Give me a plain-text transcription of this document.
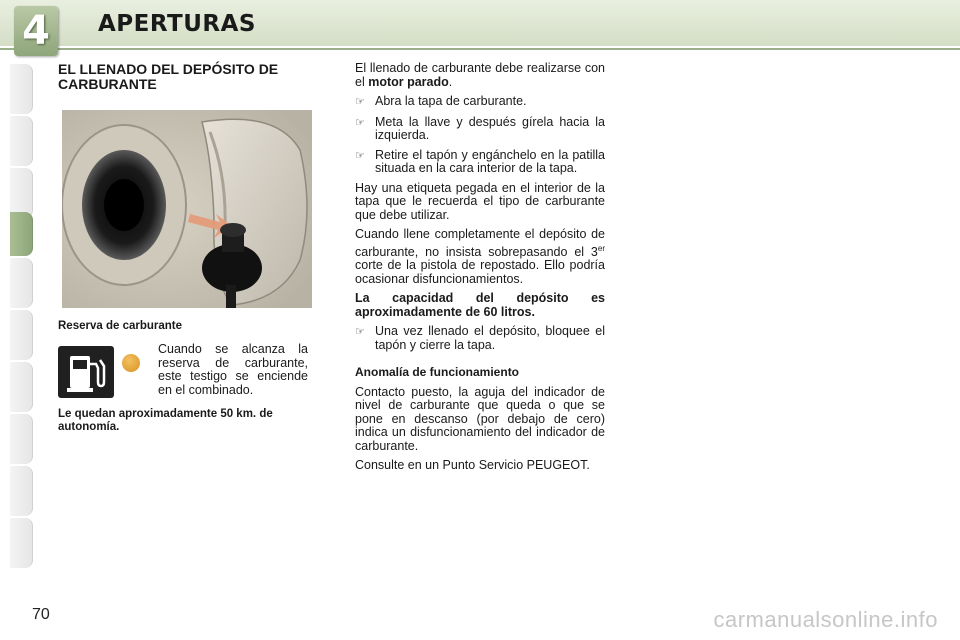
4	APERTURAS
EL LLENADO DEL DEPÓSITO DE CARBURANTE
Reserva de carburante
Cuando se alcanza la reserva de carburante, este testigo se enciende en el combinado.
Le quedan aproximadamente 50 km. de autonomía.

El llenado de carburante debe realizarse con el motor parado.

☞ Abra la tapa de carburante.
☞ Meta la llave y después gírela hacia la izquierda.
☞ Retire el tapón y engánchelo en la patilla situada en la cara interior de la tapa.

Hay una etiqueta pegada en el interior de la tapa que le recuerda el tipo de carburante que debe utilizar.

Cuando llene completamente el depósito de carburante, no insista sobrepasando el 3er corte de la pistola de repostado. Ello podría ocasionar disfuncionamientos.

La capacidad del depósito es aproximadamente de 60 litros.

☞ Una vez llenado el depósito, bloquee el tapón y cierre la tapa.

Anomalía de funcionamiento

Contacto puesto, la aguja del indicador de nivel de carburante que queda o que se pone en descanso (por debajo de cero) indica un disfuncionamiento del indicador de carburante.

Consulte en un Punto Servicio PEUGEOT.

70	carmanualsonline.info
